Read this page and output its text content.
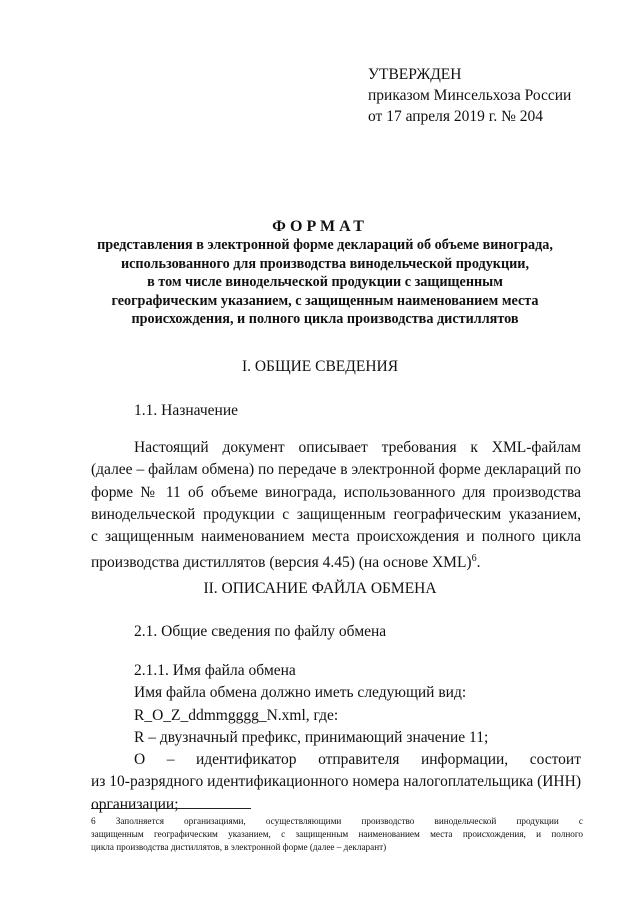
УТВЕРЖДЕН
приказом Минсельхоза России
от 17 апреля 2019 г. № 204
ФОРМАТ
представления в электронной форме деклараций об объеме винограда,
использованного для производства винодельческой продукции,
в том числе винодельческой продукции с защищенным
географическим указанием, с защищенным наименованием места
происхождения, и полного цикла производства дистиллятов
I. ОБЩИЕ СВЕДЕНИЯ
1.1. Назначение
Настоящий документ описывает требования к XML-файлам
(далее – файлам обмена) по передаче в электронной форме деклараций по
форме № 11 об объеме винограда, использованного для производства
винодельческой продукции с защищенным географическим указанием,
с защищенным наименованием места происхождения и полного цикла
производства дистиллятов (версия 4.45) (на основе XML)$^6$.
II. ОПИСАНИЕ ФАЙЛА ОБМЕНА
2.1. Общие сведения по файлу обмена
2.1.1. Имя файла обмена
Имя файла обмена должно иметь следующий вид:
R_O_Z_ddmmgggg_N.xml, где:
R – двузначный префикс, принимающий значение 11;
О – идентификатор отправителя информации, состоит
из 10-разрядного идентификационного номера налогоплательщика (ИНН)
организации;
6 Заполняется организациями, осуществляющими производство винодельческой продукции с
защищенным географическим указанием, с защищенным наименованием места происхождения, и полного
цикла производства дистиллятов, в электронной форме (далее – декларант)
